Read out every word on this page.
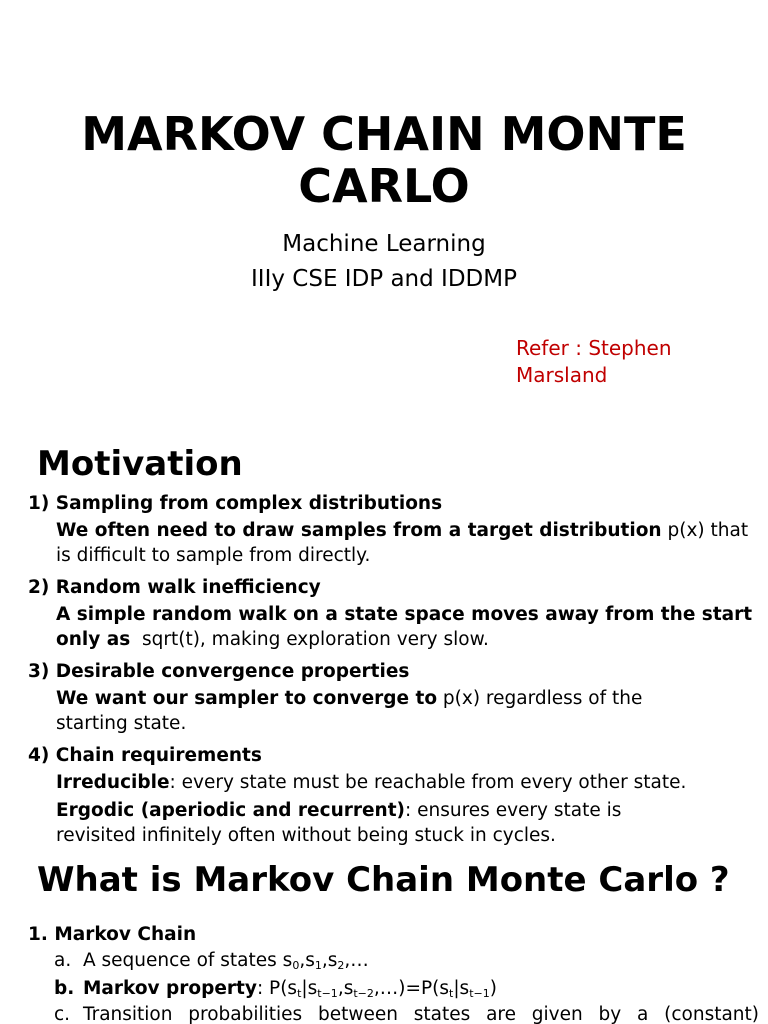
MARKOV CHAIN MONTE CARLO
Machine Learning
IIIy CSE IDP and IDDMP
Refer : Stephen Marsland
Motivation
1) Sampling from complex distributions
We often need to draw samples from a target distribution p(x) that is difficult to sample from directly.
2) Random walk inefficiency
A simple random walk on a state space moves away from the start only as sqrt(t), making exploration very slow.
3) Desirable convergence properties
We want our sampler to converge to p(x) regardless of the starting state.
4) Chain requirements
Irreducible: every state must be reachable from every other state.
Ergodic (aperiodic and recurrent): ensures every state is revisited infinitely often without being stuck in cycles.
What is Markov Chain Monte Carlo ?
1. Markov Chain
a. A sequence of states $s_0,s_1,s_2,\dots$
b. Markov property: $P(s_t|s_{t-1},s_{t-2},\dots)=P(s_t|s_{t-1})$
c. Transition probabilities between states are given by a (constant)
